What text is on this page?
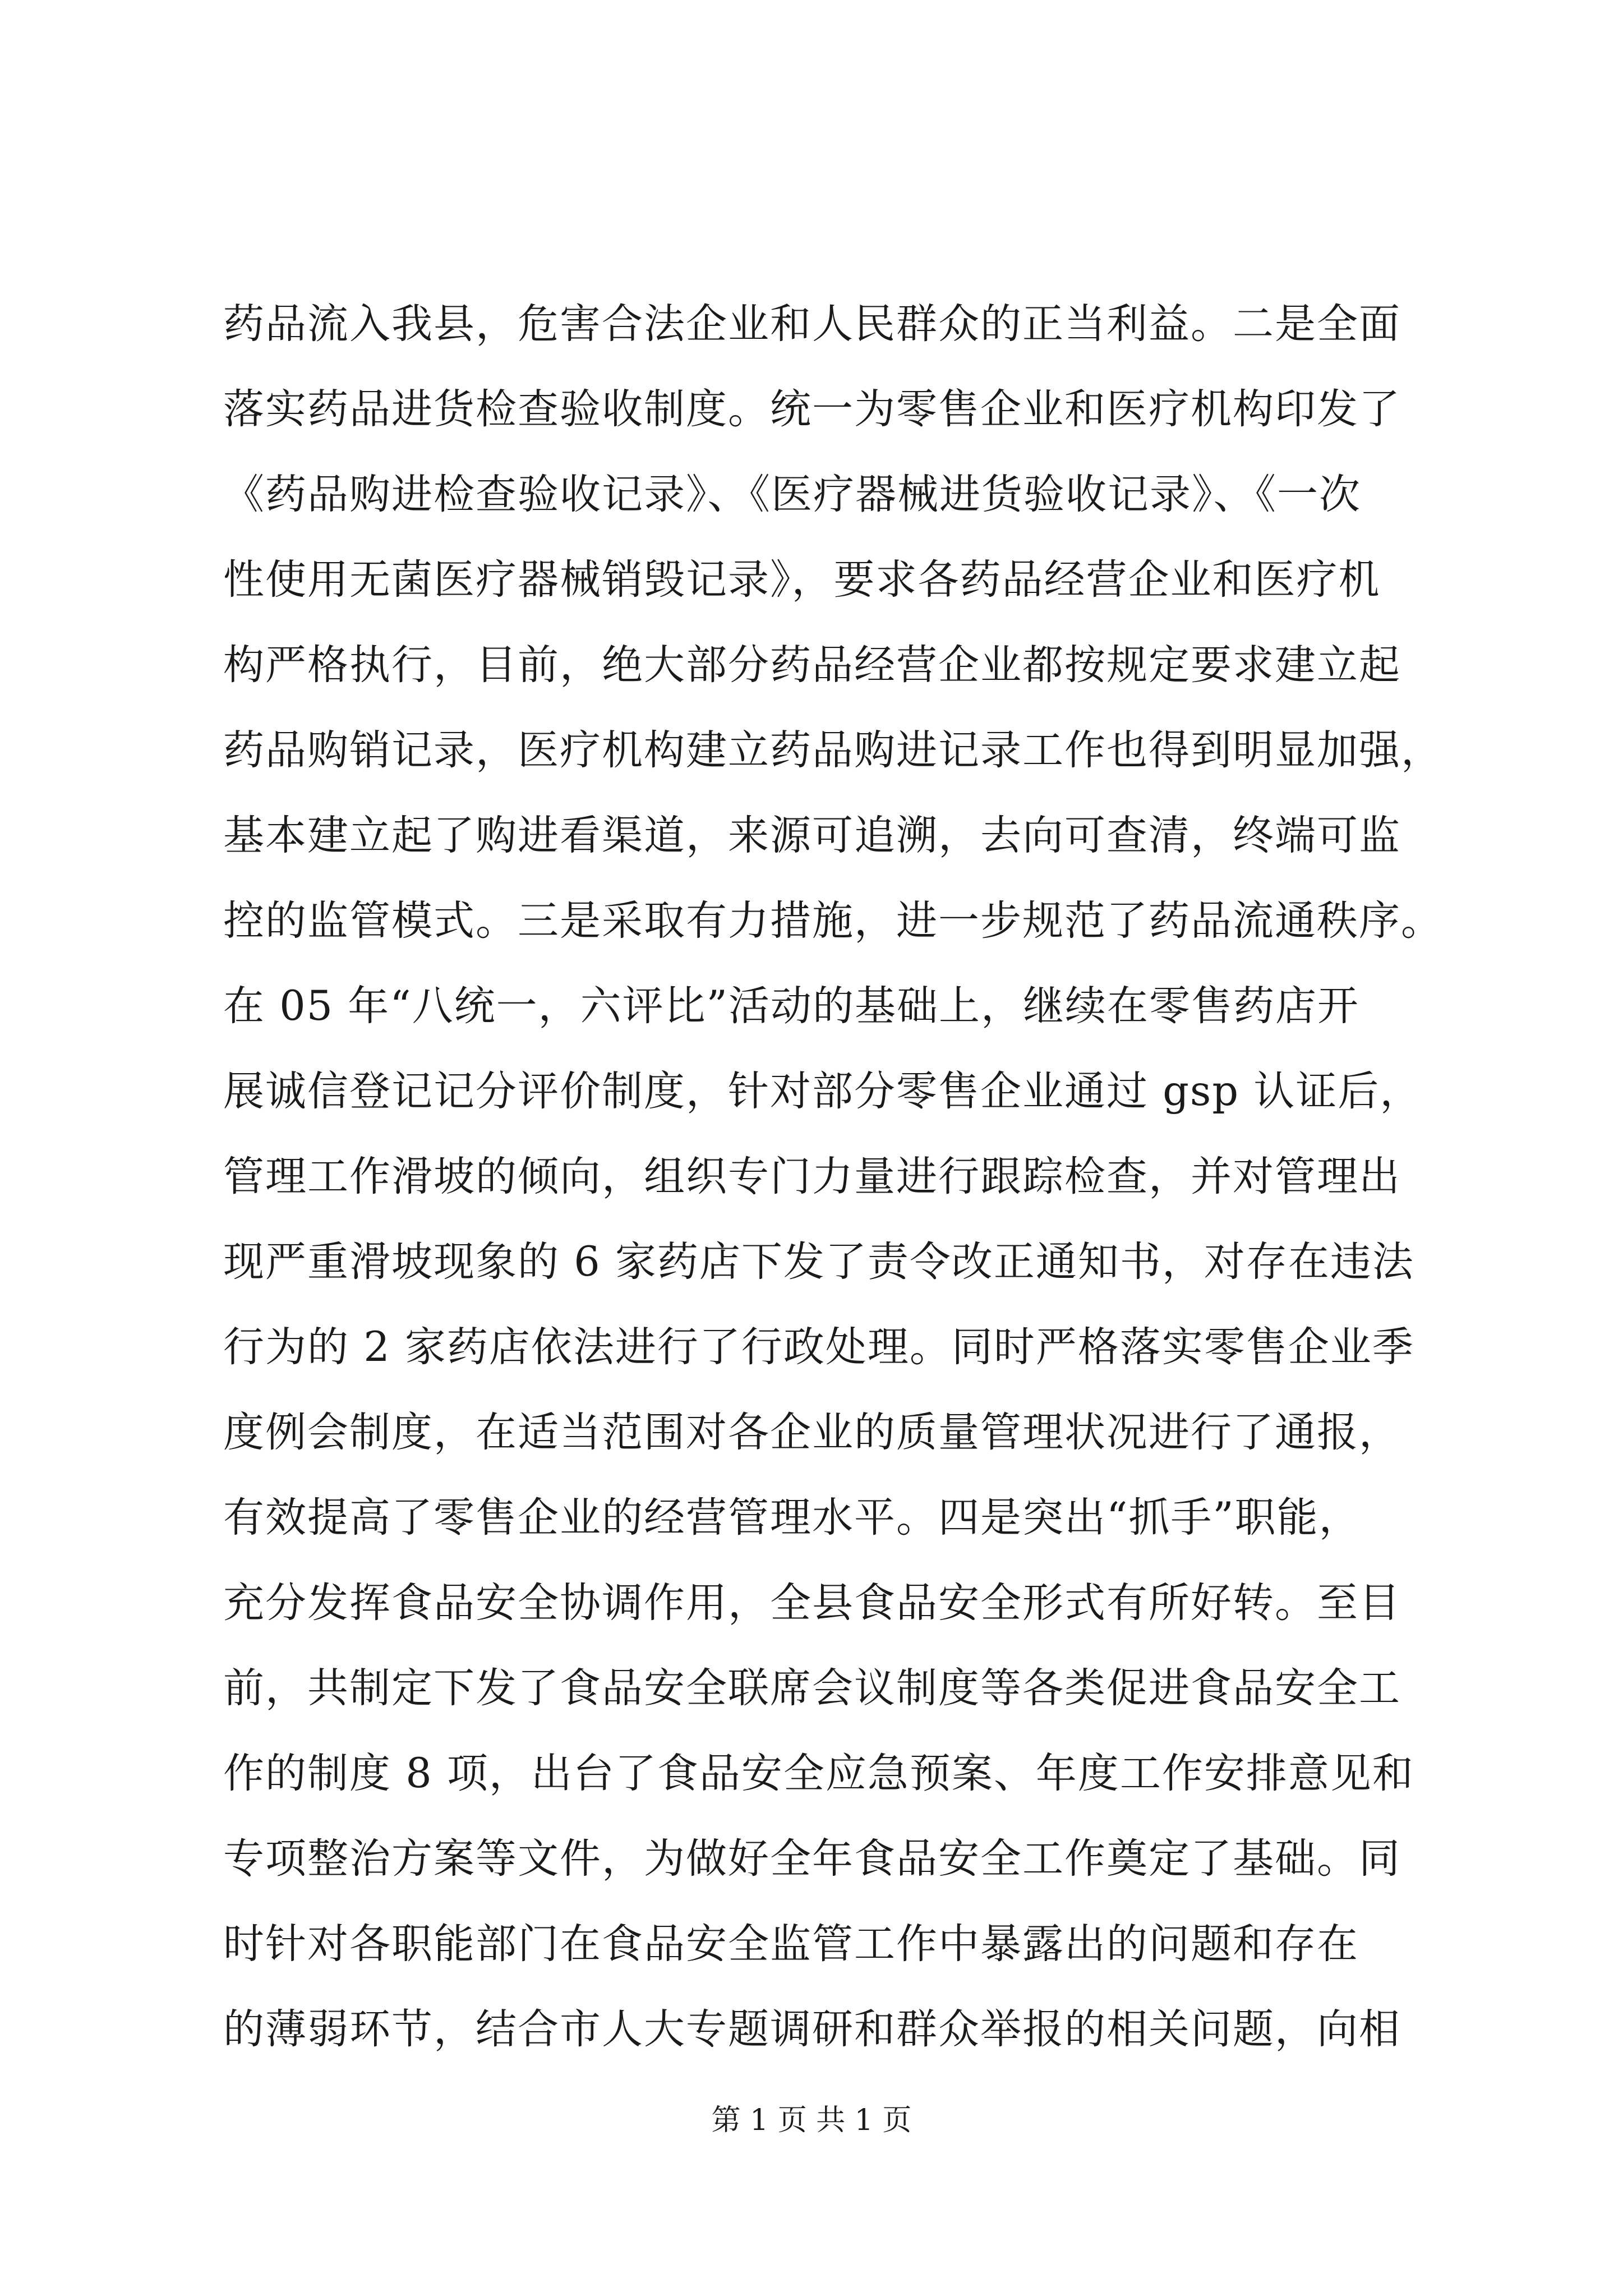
药品流入我县，危害合法企业和人民群众的正当利益。二是全面
落实药品进货检查验收制度。统一为零售企业和医疗机构印发了
《药品购进检查验收记录》、《医疗器械进货验收记录》、《一次
性使用无菌医疗器械销毁记录》，要求各药品经营企业和医疗机
构严格执行，目前，绝大部分药品经营企业都按规定要求建立起
药品购销记录，医疗机构建立药品购进记录工作也得到明显加强，
基本建立起了购进看渠道，来源可追溯，去向可查清，终端可监
控的监管模式。三是采取有力措施，进一步规范了药品流通秩序。
在 05 年“八统一，六评比”活动的基础上，继续在零售药店开
展诚信登记记分评价制度，针对部分零售企业通过 gsp 认证后，
管理工作滑坡的倾向，组织专门力量进行跟踪检查，并对管理出
现严重滑坡现象的 6 家药店下发了责令改正通知书，对存在违法
行为的 2 家药店依法进行了行政处理。同时严格落实零售企业季
度例会制度，在适当范围对各企业的质量管理状况进行了通报，
有效提高了零售企业的经营管理水平。四是突出“抓手”职能，
充分发挥食品安全协调作用，全县食品安全形式有所好转。至目
前，共制定下发了食品安全联席会议制度等各类促进食品安全工
作的制度 8 项，出台了食品安全应急预案、年度工作安排意见和
专项整治方案等文件，为做好全年食品安全工作奠定了基础。同
时针对各职能部门在食品安全监管工作中暴露出的问题和存在
的薄弱环节，结合市人大专题调研和群众举报的相关问题，向相
第 1 页 共 1 页
